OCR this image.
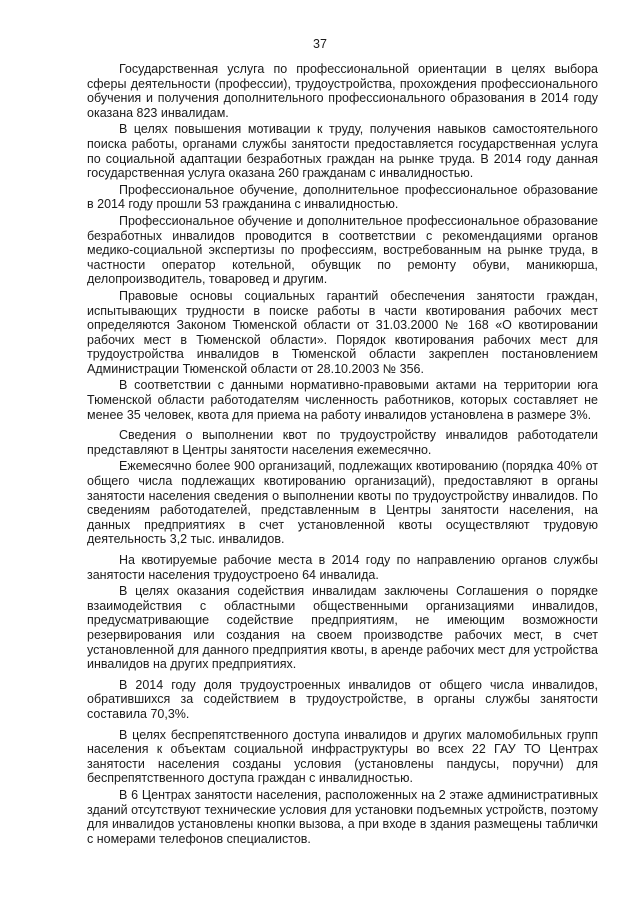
37

Государственная услуга по профессиональной ориентации в целях выбора сферы деятельности (профессии), трудоустройства, прохождения профессионального обучения и получения дополнительного профессионального образования в 2014 году оказана 823 инвалидам.

В целях повышения мотивации к труду, получения навыков самостоятельного поиска работы, органами службы занятости предоставляется государственная услуга по социальной адаптации безработных граждан на рынке труда. В 2014 году данная государственная услуга оказана 260 гражданам с инвалидностью.

Профессиональное обучение, дополнительное профессиональное образование в 2014 году прошли 53 гражданина с инвалидностью.

Профессиональное обучение и дополнительное профессиональное образование безработных инвалидов проводится в соответствии с рекомендациями органов медико-социальной экспертизы по профессиям, востребованным на рынке труда, в частности оператор котельной, обувщик по ремонту обуви, маникюрша, делопроизводитель, товаровед и другим.

Правовые основы социальных гарантий обеспечения занятости граждан, испытывающих трудности в поиске работы в части квотирования рабочих мест определяются Законом Тюменской области от 31.03.2000 № 168 «О квотировании рабочих мест в Тюменской области». Порядок квотирования рабочих мест для трудоустройства инвалидов в Тюменской области закреплен постановлением Администрации Тюменской области от 28.10.2003 № 356.

В соответствии с данными нормативно-правовыми актами на территории юга Тюменской области работодателям численность работников, которых составляет не менее 35 человек, квота для приема на работу инвалидов установлена в размере 3%.

Сведения о выполнении квот по трудоустройству инвалидов работодатели представляют в Центры занятости населения ежемесячно.

Ежемесячно более 900 организаций, подлежащих квотированию (порядка 40% от общего числа подлежащих квотированию организаций), предоставляют в органы занятости населения сведения о выполнении квоты по трудоустройству инвалидов. По сведениям работодателей, представленным в Центры занятости населения, на данных предприятиях в счет установленной квоты осуществляют трудовую деятельность 3,2 тыс. инвалидов.

На квотируемые рабочие места в 2014 году по направлению органов службы занятости населения трудоустроено 64 инвалида.

В целях оказания содействия инвалидам заключены Соглашения о порядке взаимодействия с областными общественными организациями инвалидов, предусматривающие содействие предприятиям, не имеющим возможности резервирования или создания на своем производстве рабочих мест, в счет установленной для данного предприятия квоты, в аренде рабочих мест для устройства инвалидов на других предприятиях.

В 2014 году доля трудоустроенных инвалидов от общего числа инвалидов, обратившихся за содействием в трудоустройстве, в органы службы занятости составила 70,3%.

В целях беспрепятственного доступа инвалидов и других маломобильных групп населения к объектам социальной инфраструктуры во всех 22 ГАУ ТО Центрах занятости населения созданы условия (установлены пандусы, поручни) для беспрепятственного доступа граждан с инвалидностью.

В 6 Центрах занятости населения, расположенных на 2 этаже административных зданий отсутствуют технические условия для установки подъемных устройств, поэтому для инвалидов установлены кнопки вызова, а при входе в здания размещены таблички с номерами телефонов специалистов.
